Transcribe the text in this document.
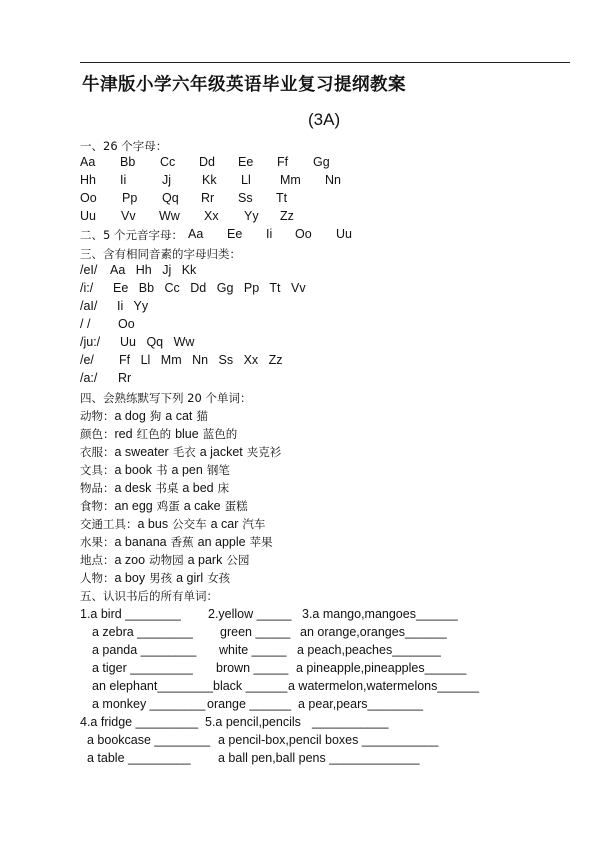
牛津版小学六年级英语毕业复习提纲教案
(3A)
一、26 个字母：
Aa Bb Cc Dd Ee Ff Gg
Hh Ii	Jj Kk Ll Mm Nn
Oo Pp Qq Rr Ss Tt
Uu Vv Ww Xx Yy Zz
二、5 个元音字母： Aa Ee Ii Oo Uu
三、含有相同音素的字母归类：
/eI/ Aa Hh Jj Kk
/i:/ Ee Bb Cc Dd Gg Pp Tt Vv
/aI/ Ii Yy
/ / Oo
/ju:/ Uu Qq Ww
/e/ Ff Ll Mm Nn Ss Xx Zz
/a:/ Rr
四、会熟练默写下列 20 个单词：
动物：a dog 狗 a cat 猫
颜色：red 红色的 blue 蓝色的
衣服：a sweater 毛衣 a jacket 夹克衫
文具：a book 书 a pen 钢笔
物品：a desk 书桌 a bed 床
食物：an egg 鸡蛋 a cake 蛋糕
交通工具：a bus 公交车 a car 汽车
水果：a banana 香蕉 an apple 苹果
地点：a zoo 动物园 a park 公园
人物：a boy 男孩 a girl 女孩
五、认识书后的所有单词：
1.a bird ________ 2.yellow _____ 3.a mango,mangoes______
a zebra ________ green _____ an orange,oranges______
a panda ________ white _____ a peach,peaches_______
a tiger _________ brown _____ a pineapple,pineapples______
an elephant________ black ______ a watermelon,watermelons______
a monkey ________ orange ______ a pear,pears________
4.a fridge _________ 5.a pencil,pencils ___________
a bookcase ________ a pencil-box,pencil boxes ___________
a table _________ a ball pen,ball pens _____________
